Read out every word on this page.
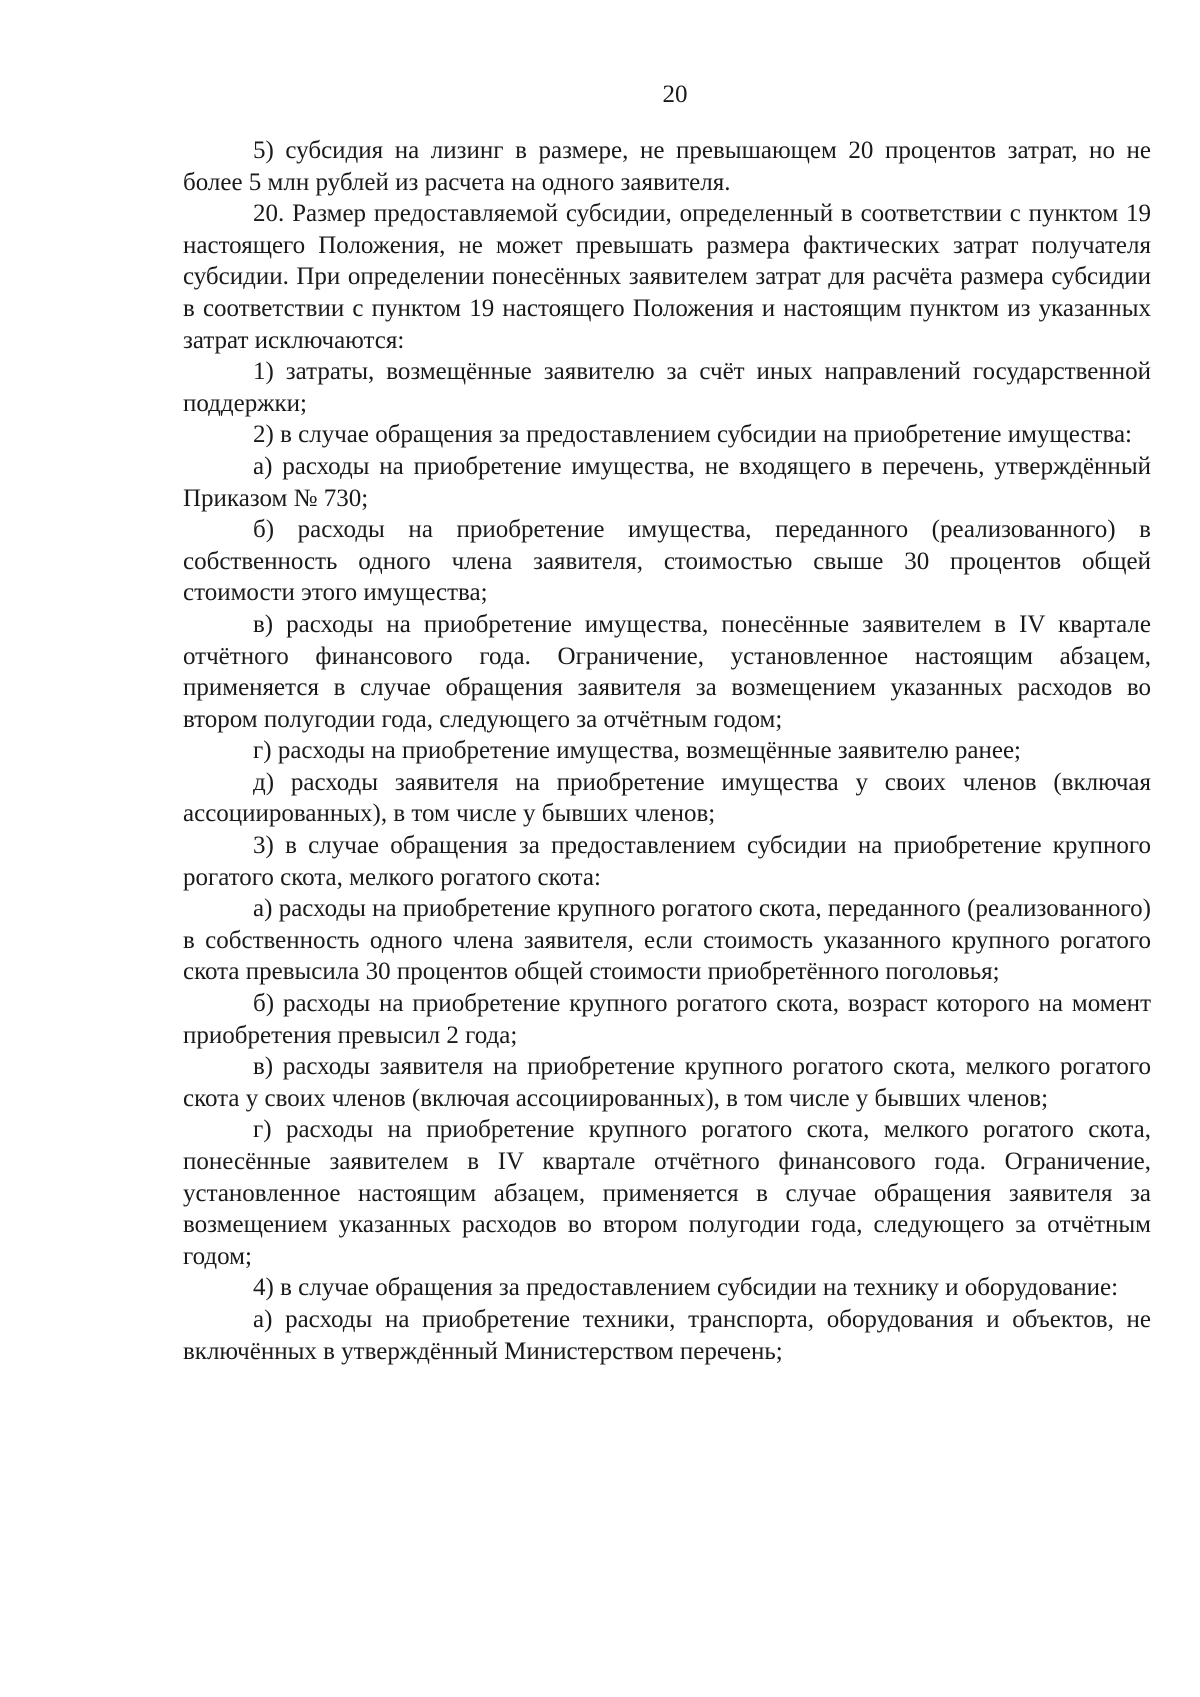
20

5) субсидия на лизинг в размере, не превышающем 20 процентов затрат, но не более 5 млн рублей из расчета на одного заявителя.

20. Размер предоставляемой субсидии, определенный в соответствии с пунктом 19 настоящего Положения, не может превышать размера фактических затрат получателя субсидии. При определении понесённых заявителем затрат для расчёта размера субсидии в соответствии с пунктом 19 настоящего Положения и настоящим пунктом из указанных затрат исключаются:

1) затраты, возмещённые заявителю за счёт иных направлений государственной поддержки;

2) в случае обращения за предоставлением субсидии на приобретение имущества:

а) расходы на приобретение имущества, не входящего в перечень, утверждённый Приказом № 730;

б) расходы на приобретение имущества, переданного (реализованного) в собственность одного члена заявителя, стоимостью свыше 30 процентов общей стоимости этого имущества;

в) расходы на приобретение имущества, понесённые заявителем в IV квартале отчётного финансового года. Ограничение, установленное настоящим абзацем, применяется в случае обращения заявителя за возмещением указанных расходов во втором полугодии года, следующего за отчётным годом;

г) расходы на приобретение имущества, возмещённые заявителю ранее;

д) расходы заявителя на приобретение имущества у своих членов (включая ассоциированных), в том числе у бывших членов;

3) в случае обращения за предоставлением субсидии на приобретение крупного рогатого скота, мелкого рогатого скота:

а) расходы на приобретение крупного рогатого скота, переданного (реализованного) в собственность одного члена заявителя, если стоимость указанного крупного рогатого скота превысила 30 процентов общей стоимости приобретённого поголовья;

б) расходы на приобретение крупного рогатого скота, возраст которого на момент приобретения превысил 2 года;

в) расходы заявителя на приобретение крупного рогатого скота, мелкого рогатого скота у своих членов (включая ассоциированных), в том числе у бывших членов;

г) расходы на приобретение крупного рогатого скота, мелкого рогатого скота, понесённые заявителем в IV квартале отчётного финансового года. Ограничение, установленное настоящим абзацем, применяется в случае обращения заявителя за возмещением указанных расходов во втором полугодии года, следующего за отчётным годом;

4) в случае обращения за предоставлением субсидии на технику и оборудование:

а) расходы на приобретение техники, транспорта, оборудования и объектов, не включённых в утверждённый Министерством перечень;
